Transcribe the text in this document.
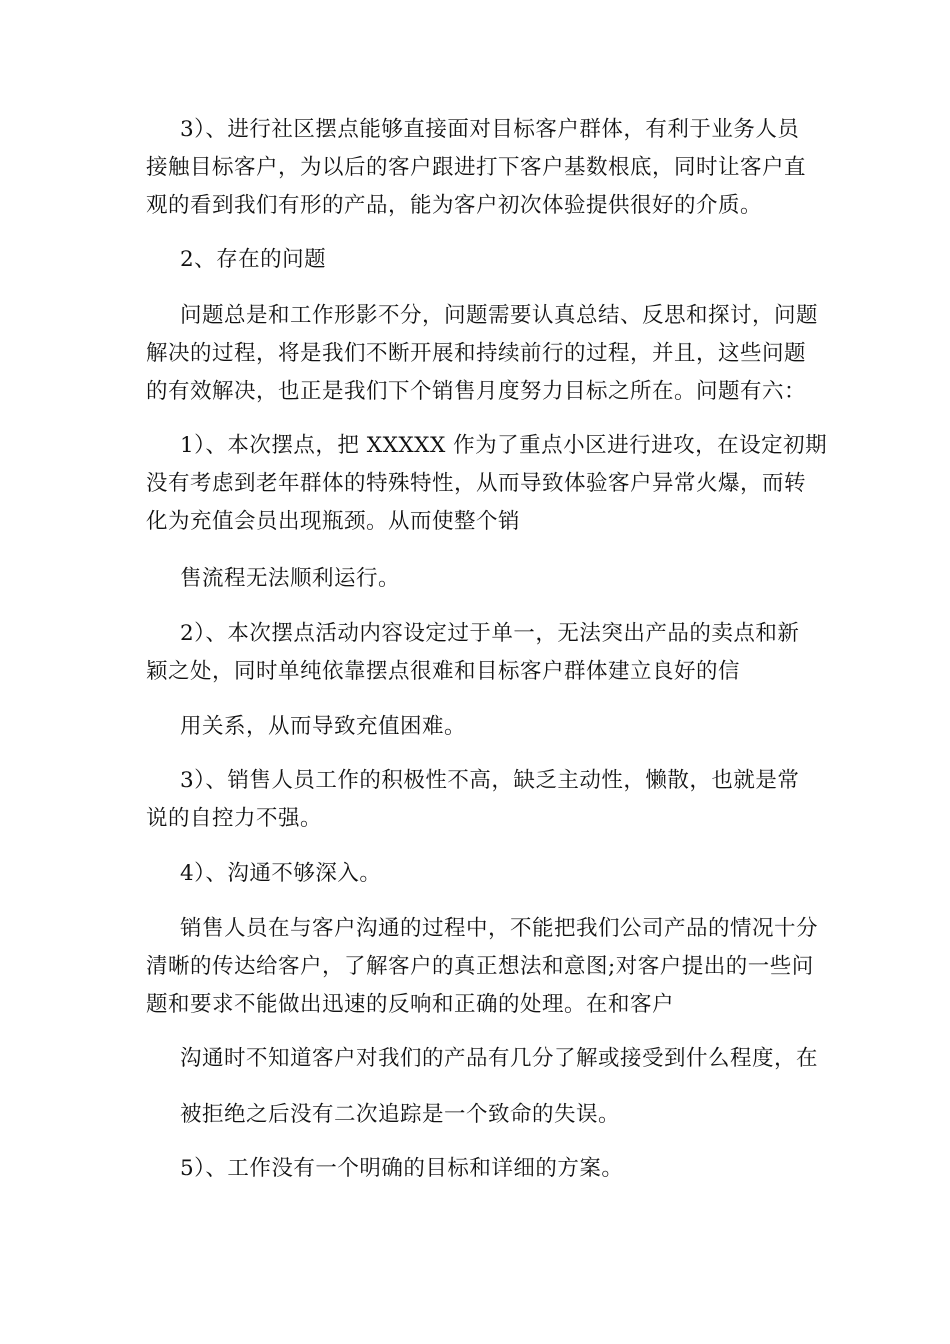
3）、进行社区摆点能够直接面对目标客户群体，有利于业务人员
接触目标客户，为以后的客户跟进打下客户基数根底，同时让客户直
观的看到我们有形的产品，能为客户初次体验提供很好的介质。

2、存在的问题

问题总是和工作形影不分，问题需要认真总结、反思和探讨，问题
解决的过程，将是我们不断开展和持续前行的过程，并且，这些问题
的有效解决，也正是我们下个销售月度努力目标之所在。问题有六：

1）、本次摆点，把 XXXXX 作为了重点小区进行进攻，在设定初期
没有考虑到老年群体的特殊特性，从而导致体验客户异常火爆，而转
化为充值会员出现瓶颈。从而使整个销

售流程无法顺利运行。

2）、本次摆点活动内容设定过于单一，无法突出产品的卖点和新
颖之处，同时单纯依靠摆点很难和目标客户群体建立良好的信

用关系，从而导致充值困难。

3）、销售人员工作的积极性不高，缺乏主动性，懒散，也就是常
说的自控力不强。

4）、沟通不够深入。

销售人员在与客户沟通的过程中，不能把我们公司产品的情况十分
清晰的传达给客户，了解客户的真正想法和意图;对客户提出的一些问
题和要求不能做出迅速的反响和正确的处理。在和客户

沟通时不知道客户对我们的产品有几分了解或接受到什么程度，在

被拒绝之后没有二次追踪是一个致命的失误。

5）、工作没有一个明确的目标和详细的方案。
